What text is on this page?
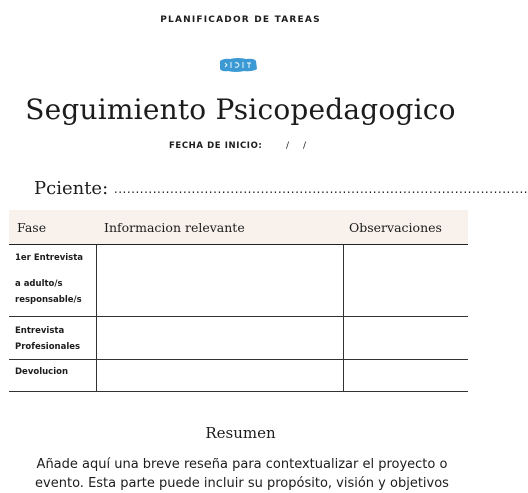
PLANIFICADOR DE TAREAS
Seguimiento Psicopedagogico
FECHA DE INICIO:	/ /
Pciente: ................................................................................................
Fase	Informacion relevante	Observaciones

1er Entrevista
a adulto/s
responsable/s		

Entrevista
Profesionales		

Devolucion		

Resumen
Añade aquí una breve reseña para contextualizar el proyecto o
evento. Esta parte puede incluir su propósito, visión y objetivos
